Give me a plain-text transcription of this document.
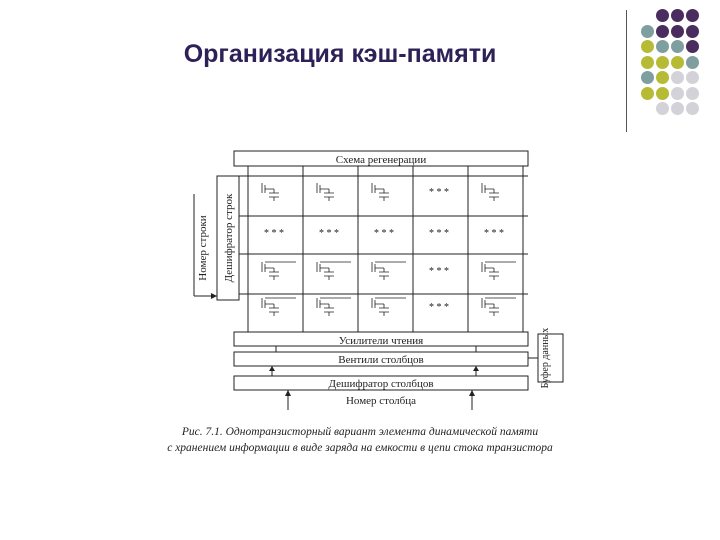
Организация кэш-памяти
Схема регенерации
Дешифратор строк
Номер строки
* * *
* * *	* * *	* * *	* * *	* * *
* * *
* * *
Усилители чтения
Вентили столбцов
Дешифратор столбцов
Номер столбца
Буфер данных
Рис. 7.1. Однотранзисторный вариант элемента динамической памяти
с хранением информации в виде заряда на емкости в цепи стока транзистора
